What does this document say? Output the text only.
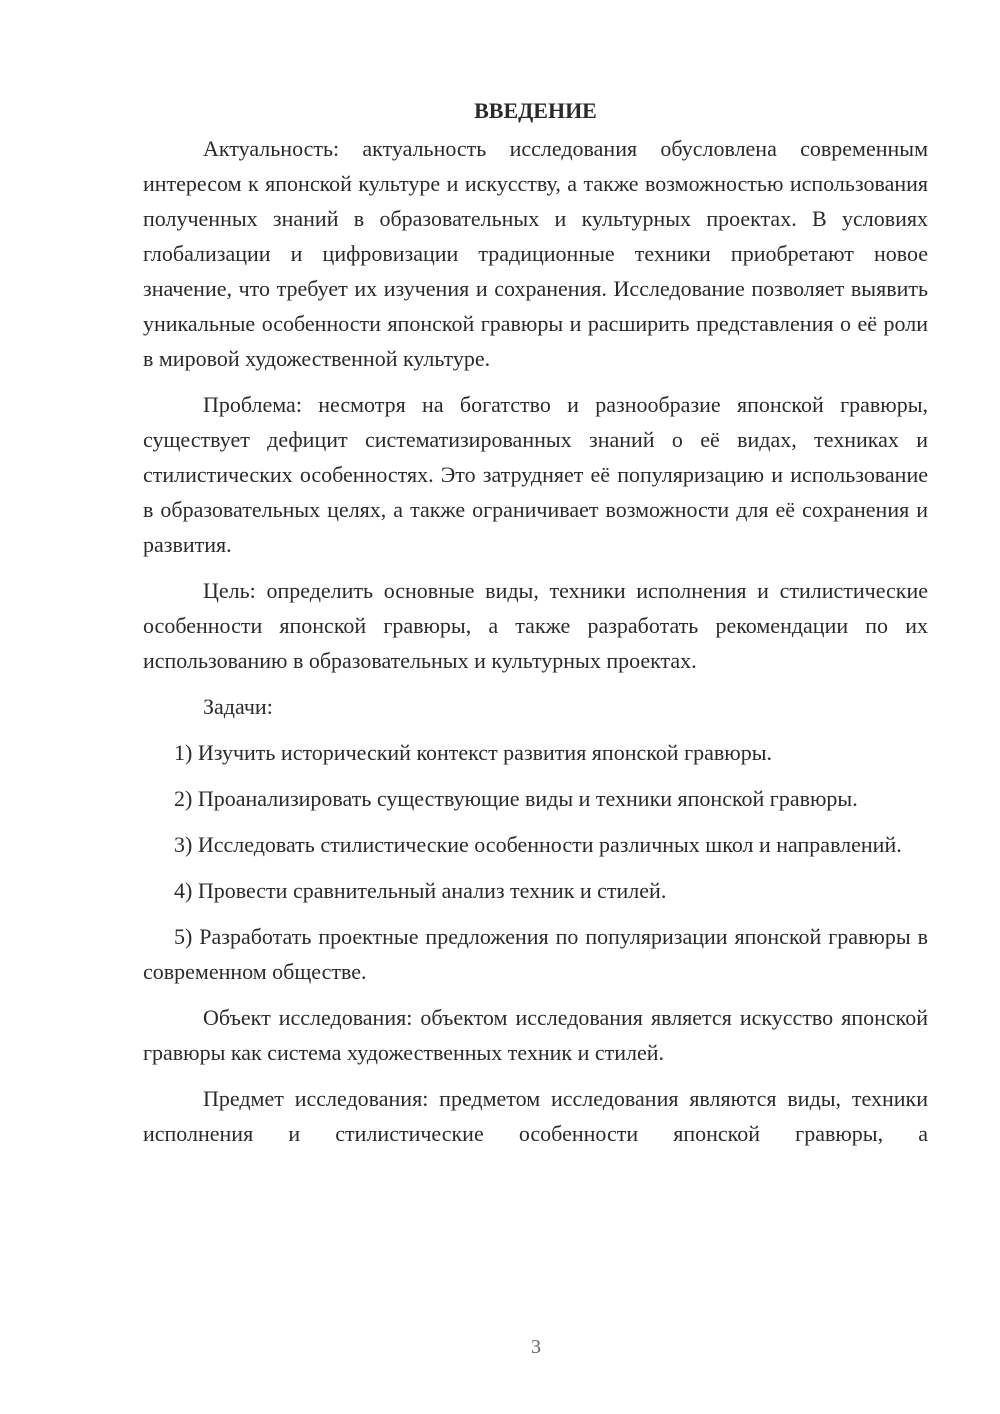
ВВЕДЕНИЕ

Актуальность: актуальность исследования обусловлена современным интересом к японской культуре и искусству, а также возможностью использования полученных знаний в образовательных и культурных проектах. В условиях глобализации и цифровизации традиционные техники приобретают новое значение, что требует их изучения и сохранения. Исследование позволяет выявить уникальные особенности японской гравюры и расширить представления о её роли в мировой художественной культуре.

Проблема: несмотря на богатство и разнообразие японской гравюры, существует дефицит систематизированных знаний о её видах, техниках и стилистических особенностях. Это затрудняет её популяризацию и использование в образовательных целях, а также ограничивает возможности для её сохранения и развития.

Цель: определить основные виды, техники исполнения и стилистические особенности японской гравюры, а также разработать рекомендации по их использованию в образовательных и культурных проектах.

Задачи:

1) Изучить исторический контекст развития японской гравюры.

2) Проанализировать существующие виды и техники японской гравюры.

3) Исследовать стилистические особенности различных школ и направлений.

4) Провести сравнительный анализ техник и стилей.

5) Разработать проектные предложения по популяризации японской гравюры в современном обществе.

Объект исследования: объектом исследования является искусство японской гравюры как система художественных техник и стилей.

Предмет исследования: предметом исследования являются виды, техники исполнения и стилистические особенности японской гравюры, а

3
